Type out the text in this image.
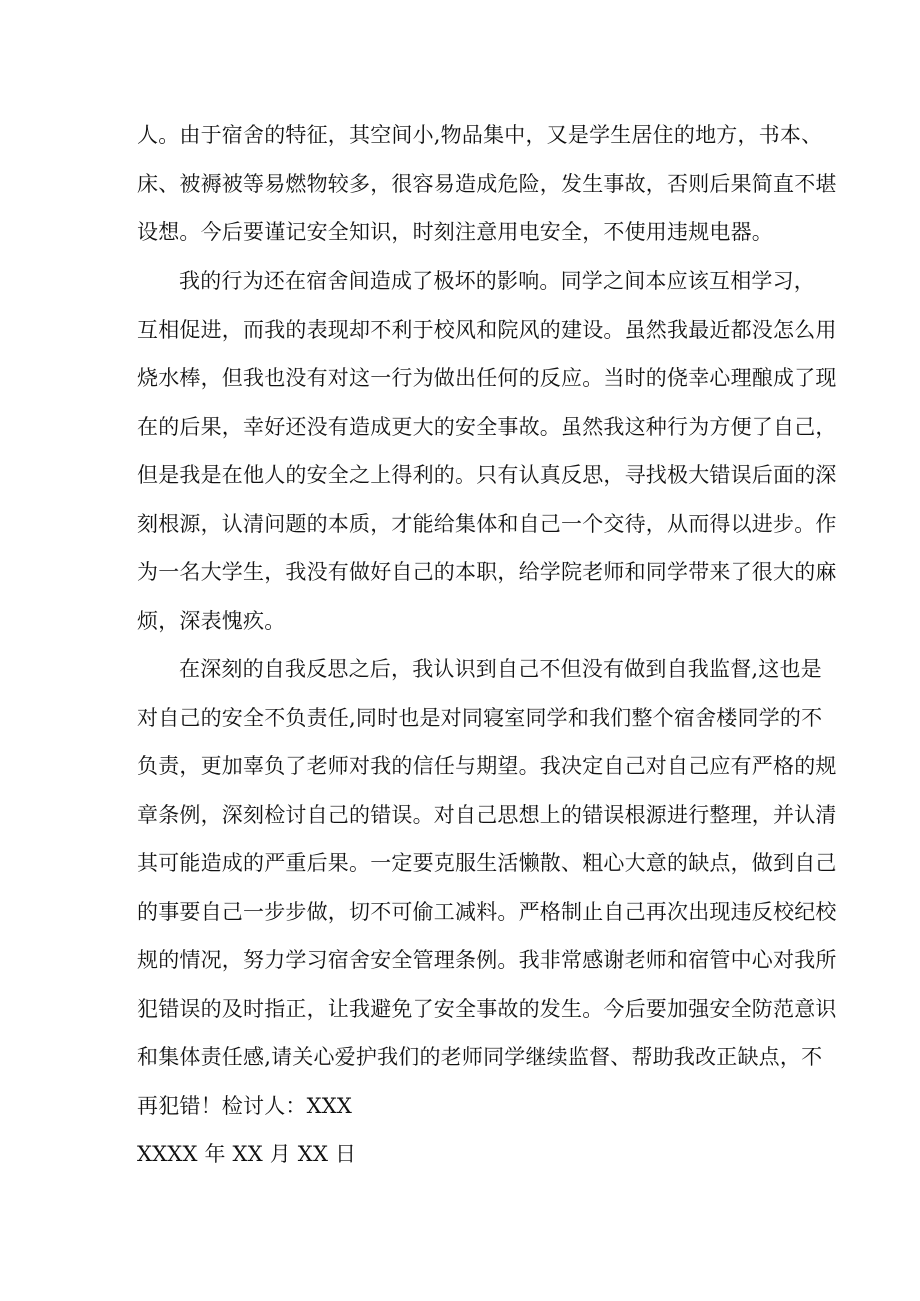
人。由于宿舍的特征，其空间小,物品集中，又是学生居住的地方，书本、

床、被褥被等易燃物较多，很容易造成危险，发生事故，否则后果简直不堪

设想。今后要谨记安全知识，时刻注意用电安全，不使用违规电器。

我的行为还在宿舍间造成了极坏的影响。同学之间本应该互相学习，

互相促进，而我的表现却不利于校风和院风的建设。虽然我最近都没怎么用

烧水棒，但我也没有对这一行为做出任何的反应。当时的侥幸心理酿成了现

在的后果，幸好还没有造成更大的安全事故。虽然我这种行为方便了自己，

但是我是在他人的安全之上得利的。只有认真反思，寻找极大错误后面的深

刻根源，认清问题的本质，才能给集体和自己一个交待，从而得以进步。作

为一名大学生，我没有做好自己的本职，给学院老师和同学带来了很大的麻

烦，深表愧疚。

在深刻的自我反思之后，我认识到自己不但没有做到自我监督,这也是

对自己的安全不负责任,同时也是对同寝室同学和我们整个宿舍楼同学的不

负责，更加辜负了老师对我的信任与期望。我决定自己对自己应有严格的规

章条例，深刻检讨自己的错误。对自己思想上的错误根源进行整理，并认清

其可能造成的严重后果。一定要克服生活懒散、粗心大意的缺点，做到自己

的事要自己一步步做，切不可偷工减料。严格制止自己再次出现违反校纪校

规的情况，努力学习宿舍安全管理条例。我非常感谢老师和宿管中心对我所

犯错误的及时指正，让我避免了安全事故的发生。今后要加强安全防范意识

和集体责任感,请关心爱护我们的老师同学继续监督、帮助我改正缺点，不

再犯错！检讨人：XXX

XXXX 年 XX 月 XX 日
